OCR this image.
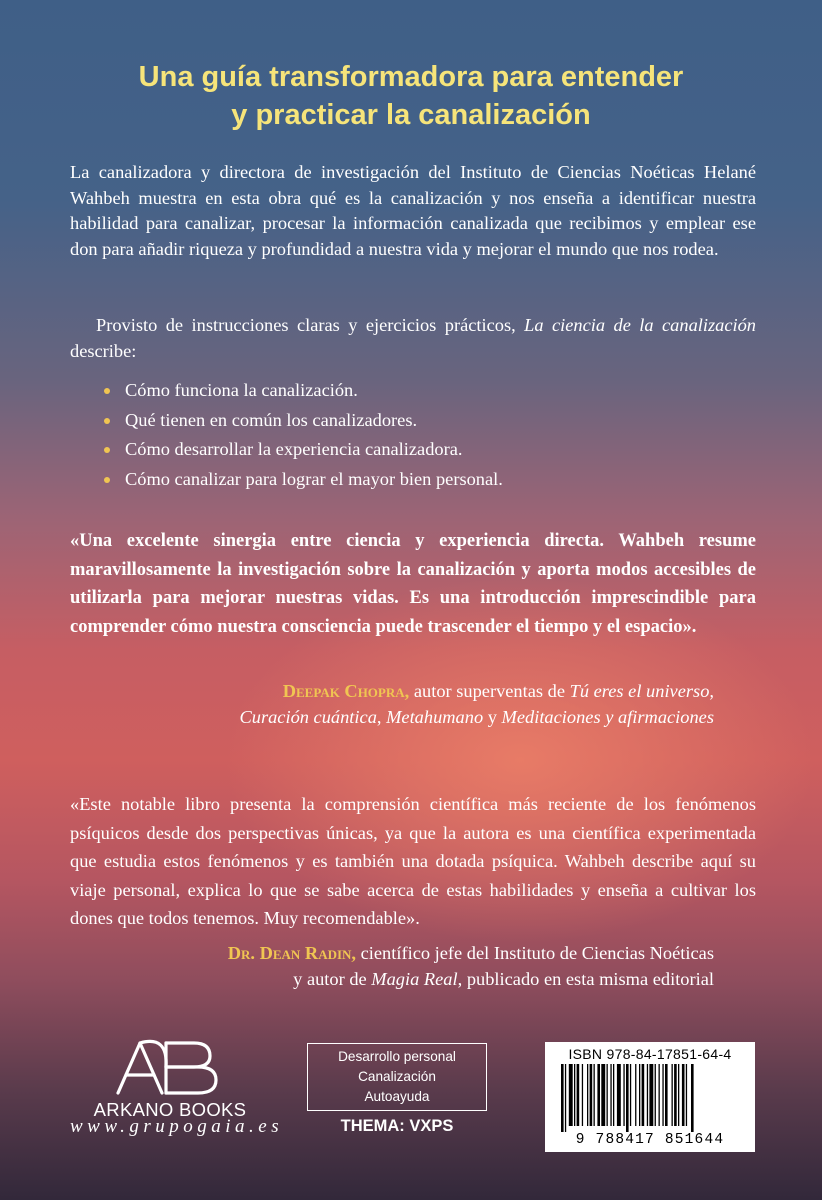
Una guía transformadora para entender
y practicar la canalización

La canalizadora y directora de investigación del Instituto de Ciencias Noéticas Helané Wahbeh muestra en esta obra qué es la canalización y nos enseña a identificar nuestra habilidad para canalizar, procesar la información canalizada que recibimos y emplear ese don para añadir riqueza y profundidad a nuestra vida y mejorar el mundo que nos rodea.

Provisto de instrucciones claras y ejercicios prácticos, La ciencia de la canalización describe:

Cómo funciona la canalización.
Qué tienen en común los canalizadores.
Cómo desarrollar la experiencia canalizadora.
Cómo canalizar para lograr el mayor bien personal.

«Una excelente sinergia entre ciencia y experiencia directa. Wahbeh resume maravillosamente la investigación sobre la canalización y aporta modos accesibles de utilizarla para mejorar nuestras vidas. Es una introducción imprescindible para comprender cómo nuestra consciencia puede trascender el tiempo y el espacio».

Deepak Chopra, autor superventas de Tú eres el universo,
Curación cuántica, Metahumano y Meditaciones y afirmaciones

«Este notable libro presenta la comprensión científica más reciente de los fenómenos psíquicos desde dos perspectivas únicas, ya que la autora es una científica experimentada que estudia estos fenómenos y es también una dotada psíquica. Wahbeh describe aquí su viaje personal, explica lo que se sabe acerca de estas habilidades y enseña a cultivar los dones que todos tenemos. Muy recomendable».

Dr. Dean Radin, científico jefe del Instituto de Ciencias Noéticas
y autor de Magia Real, publicado en esta misma editorial

ARKANO BOOKS
www.grupogaia.es
Desarrollo personal
Canalización
Autoayuda
THEMA: VXPS
ISBN 978-84-17851-64-4
9 788417 851644
